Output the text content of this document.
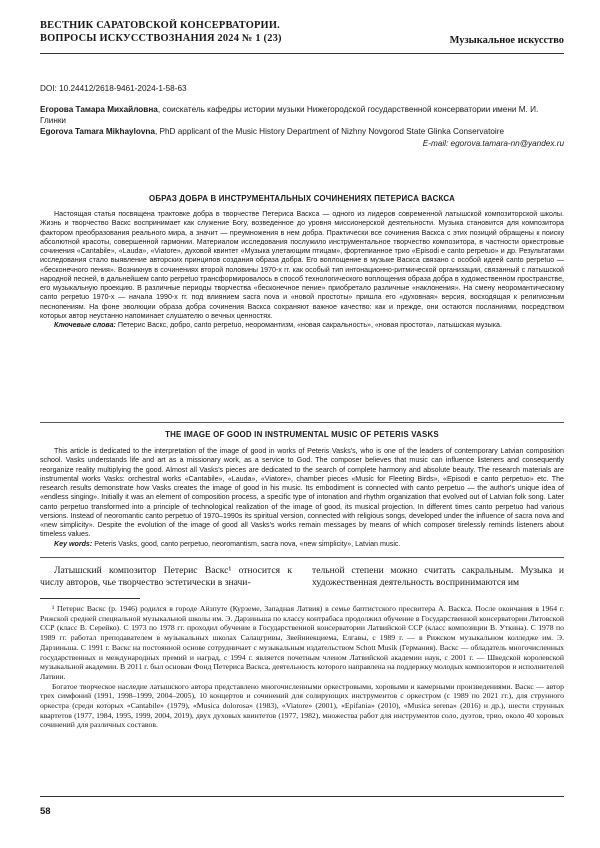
ВЕСТНИК САРАТОВСКОЙ КОНСЕРВАТОРИИ.
ВОПРОСЫ ИСКУССТВОЗНАНИЯ 2024 № 1 (23)	Музыкальное искусство
DOI: 10.24412/2618-9461-2024-1-58-63

Егорова Тамара Михайловна, соискатель кафедры истории музыки Нижегородской государственной консерватории имени М. И. Глинки

Egorova Tamara Mikhaylovna, PhD applicant of the Music History Department of Nizhny Novgorod State Glinka Conservatoire

E-mail: egorova.tamara-nn@yandex.ru

ОБРАЗ ДОБРА В ИНСТРУМЕНТАЛЬНЫХ СОЧИНЕНИЯХ ПЕТЕРИСА ВАСКСА

Настоящая статья посвящена трактовке добра в творчестве Петериса Васкса — одного из лидеров современной латышской композиторской школы. Жизнь и творчество Васкс воспринимает как служение Богу, возведенное до уровня миссионерской деятельности. Музыка становится для композитора фактором преобразования реального мира, а значит — преумножения в нем добра. Практически все сочинения Васкса с этих позиций обращены к поиску абсолютной красоты, совершенной гармонии. Материалом исследования послужило инструментальное творчество композитора, в частности оркестровые сочинения «Cantabile», «Lauda», «Viatore», духовой квинтет «Музыка улетающим птицам», фортепианное трио «Episodi e canto perpetuo» и др. Результатами исследования стало выявление авторских принципов создания образа добра. Его воплощение в музыке Васкса связано с особой идеей canto perpetuo — «бесконечного пения». Возникнув в сочинениях второй половины 1970-х гг. как особый тип интонационно-ритмической организации, связанный с латышской народной песней, в дальнейшем canto perpetuo трансформировалось в способ технологического воплощения образа добра в художественном пространстве, его музыкальную проекцию. В различные периоды творчества «бесконечное пение» приобретало различные «наклонения». На смену неоромантическому canto perpetuo 1970-х — начала 1990-х гг. под влиянием sacra nova и «новой простоты» пришла его «духовная» версия, восходящая к религиозным песнопениям. На фоне эволюции образа добра сочинения Васкса сохраняют важное качество: как и прежде, они остаются посланиями, посредством которых автор неустанно напоминает слушателю о вечных ценностях.

Ключевые слова: Петерис Васкс, добро, canto perpetuo, неоромантизм, «новая сакральность», «новая простота», латышская музыка.

THE IMAGE OF GOOD IN INSTRUMENTAL MUSIC OF PETERIS VASKS

This article is dedicated to the interpretation of the image of good in works of Peteris Vasks's, who is one of the leaders of contemporary Latvian composition school. Vasks understands life and art as a missionary work, as a service to God. The composer believes that music can influence listeners and consequently reorganize reality multiplying the good. Almost all Vasks's pieces are dedicated to the search of complete harmony and absolute beauty. The research materials are instrumental works Vasks: orchestral works «Cantabile», «Lauda», «Viatore», chamber pieces «Music for Fleeting Birds», «Episodi e canto perpetuo» etc. The research results demonstrate how Vasks creates the image of good in his music. Its embodiment is connected with canto perpetuo — the author's unique idea of «endless singing». Initially it was an element of composition process, a specific type of intonation and rhythm organization that evolved out of Latvian folk song. Later canto perpetuo transformed into a principle of technological realization of the image of good, its musical projection. In different times canto perpetuo had various versions. Instead of neoromantic canto perpetuo of 1970–1990s its spiritual version, connected with religious songs, developed under the influence of sacra nova and «new simplicity». Despite the evolution of the image of good all Vasks's works remain messages by means of which composer tirelessly reminds listeners about timeless values.

Key words: Peteris Vasks, good, canto perpetuo, neoromantism, sacra nova, «new simplicity», Latvian music.

Латышский композитор Петерис Васкс¹ относится к числу авторов, чье творчество эстетически в значи-

тельной степени можно считать сакральным. Музыка и художественная деятельность воспринимаются им

¹ Петерис Васкс (р. 1946) родился в городе Айзпуте (Курземе, Западная Латвия) в семье баптистского пресвитера А. Васкса. После окончания в 1964 г. Рижской средней специальной музыкальной школы им. Э. Дарзиньша по классу контрабаса продолжил обучение в Государственной консерватории Литовской ССР (класс В. Серейко). С 1973 по 1978 гг. проходил обучение в Государственной консерватории Латвийской ССР (класс композиции В. Уткина). С 1978 по 1989 гг. работал преподавателем в музыкальных школах Салацгривы, Звейниекциема, Елгавы, с 1989 г. — в Рижском музыкальном колледже им. Э. Дарзиньша. С 1991 г. Васкс на постоянной основе сотрудничает с музыкальным издательством Schott Musik (Германия). Васкс — обладатель многочисленных государственных и международных премий и наград, с 1994 г. является почетным членом Латвийской академии наук, с 2001 г. — Шведской королевской музыкальной академии. В 2011 г. был основан Фонд Петериса Васкса, деятельность которого направлена на поддержку молодых композиторов и исполнителей Латвии.

Богатое творческое наследие латышского автора представлено многочисленными оркестровыми, хоровыми и камерными произведениями. Васкс — автор трех симфоний (1991, 1998–1999, 2004–2005), 10 концертов и сочинений для солирующих инструментов с оркестром (с 1989 по 2021 гг.), для струнного оркестра (среди которых «Cantabile» (1979), «Musica dolorosa» (1983), «Viatore» (2001), «Epifania» (2010), «Musica serena» (2016) и др.), шести струнных квартетов (1977, 1984, 1995, 1999, 2004, 2019), двух духовых квинтетов (1977, 1982), множества работ для инструментов соло, дуэтов, трио, около 40 хоровых сочинений для различных составов.

58
